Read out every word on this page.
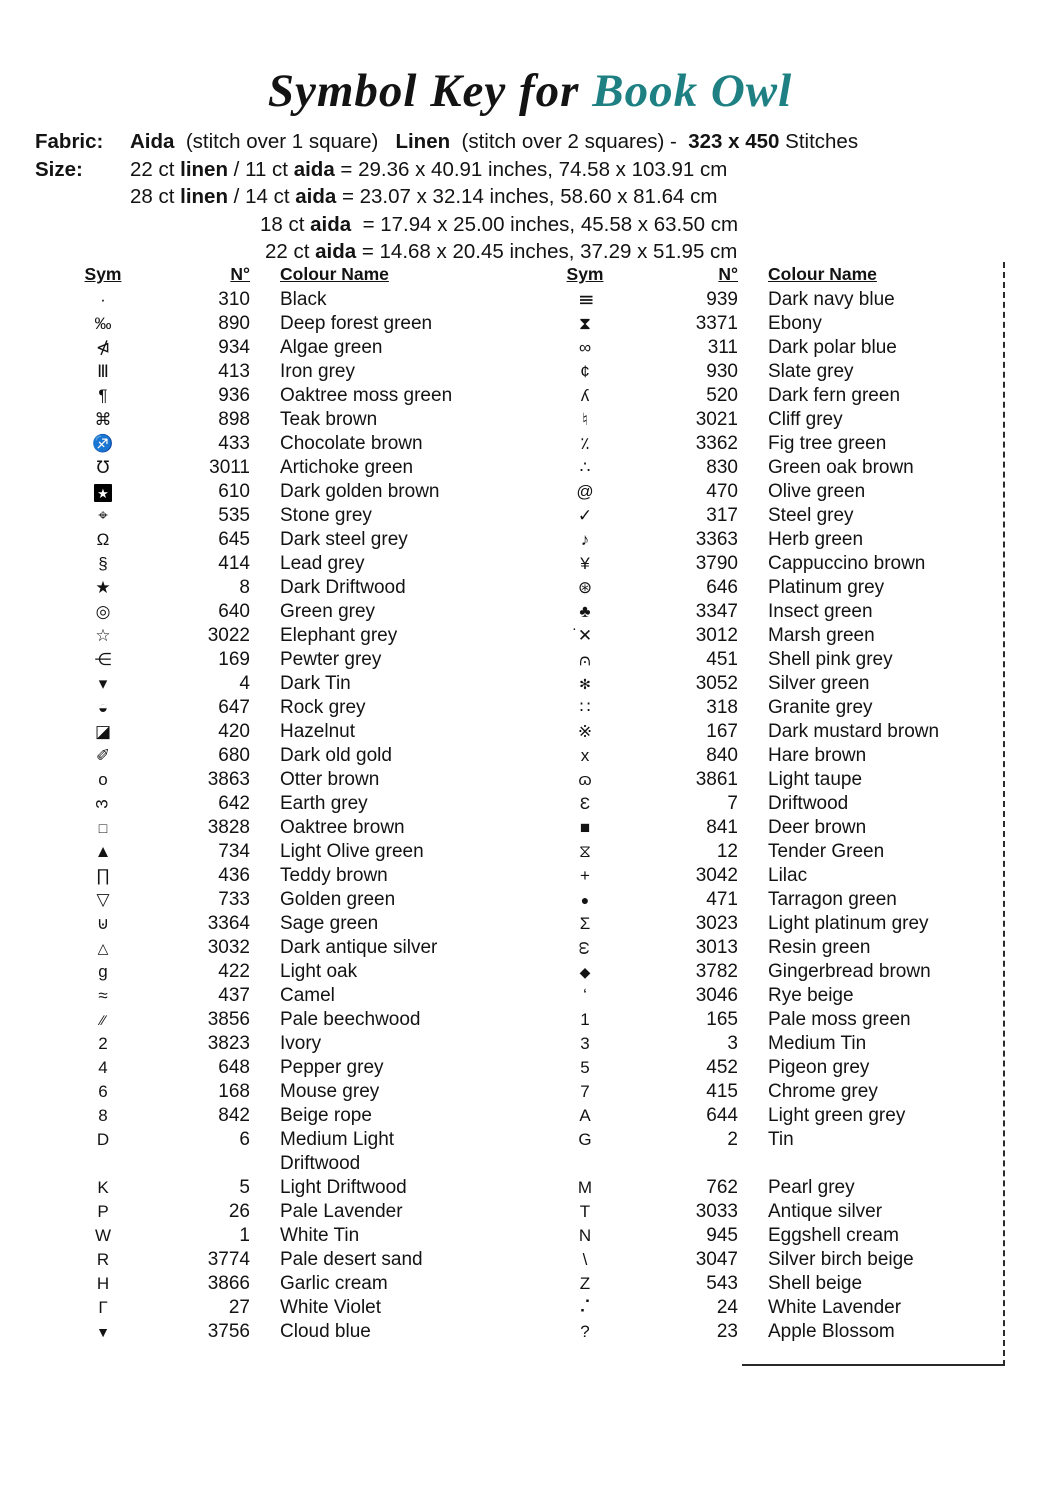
Symbol Key for Book Owl
Fabric:	Aida  (stitch over 1 square)   Linen  (stitch over 2 squares) -  323 x 450 Stitches
Size:	22 ct linen / 11 ct aida = 29.36 x 40.91 inches, 74.58 x 103.91 cm
28 ct linen / 14 ct aida = 23.07 x 32.14 inches, 58.60 x 81.64 cm
18 ct aida  = 17.94 x 25.00 inches, 45.58 x 63.50 cm
22 ct aida = 14.68 x 20.45 inches, 37.29 x 51.95 cm
Sym	N°	Colour Name
·	310	Black
‰	890	Deep forest green
⋪	934	Algae green
Ⅲ	413	Iron grey
¶	936	Oaktree moss green
⌘	898	Teak brown
♐	433	Chocolate brown
℧	3011	Artichoke green
★	610	Dark golden brown
⌖	535	Stone grey
Ω	645	Dark steel grey
§	414	Lead grey
★	8	Dark Driftwood
◎	640	Green grey
☆	3022	Elephant grey
⋲	169	Pewter grey
▾	4	Dark Tin
◒	647	Rock grey
◪	420	Hazelnut
✐	680	Dark old gold
o	3863	Otter brown
3	642	Earth grey
□	3828	Oaktree brown
▲	734	Light Olive green
∏	436	Teddy brown
▽	733	Golden green
⊍	3364	Sage green
△	3032	Dark antique silver
g	422	Light oak
≈	437	Camel
∕∕	3856	Pale beechwood
2	3823	Ivory
4	648	Pepper grey
6	168	Mouse grey
8	842	Beige rope
D	6	Medium Light Driftwood
K	5	Light Driftwood
P	26	Pale Lavender
W	1	White Tin
R	3774	Pale desert sand
H	3866	Garlic cream
Γ	27	White Violet
▼	3756	Cloud blue
Sym	N°	Colour Name
Ⅲ	939	Dark navy blue
⧗	3371	Ebony
∞	311	Dark polar blue
¢	930	Slate grey
ʎ	520	Dark fern green
♮	3021	Cliff grey
٪	3362	Fig tree green
∴	830	Green oak brown
@	470	Olive green
✓	317	Steel grey
♪	3363	Herb green
¥	3790	Cappuccino brown
⊛	646	Platinum grey
♣	3347	Insect green
✕ ·	3012	Marsh green
⩀	451	Shell pink grey
✻	3052	Silver green
∷	318	Granite grey
※	167	Dark mustard brown
x	840	Hare brown
ɷ	3861	Light taupe
Ɛ	7	Driftwood
■	841	Deer brown
⧖	12	Tender Green
+	3042	Lilac
●	471	Tarragon green
Σ	3023	Light platinum grey
ω	3013	Resin green
◆	3782	Gingerbread brown
ʻ	3046	Rye beige
1	165	Pale moss green
3	3	Medium Tin
5	452	Pigeon grey
7	415	Chrome grey
A	644	Light green grey
G	2	Tin
M	762	Pearl grey
T	3033	Antique silver
N	945	Eggshell cream
\	3047	Silver birch beige
Z	543	Shell beige
⠌	24	White Lavender
?	23	Apple Blossom
